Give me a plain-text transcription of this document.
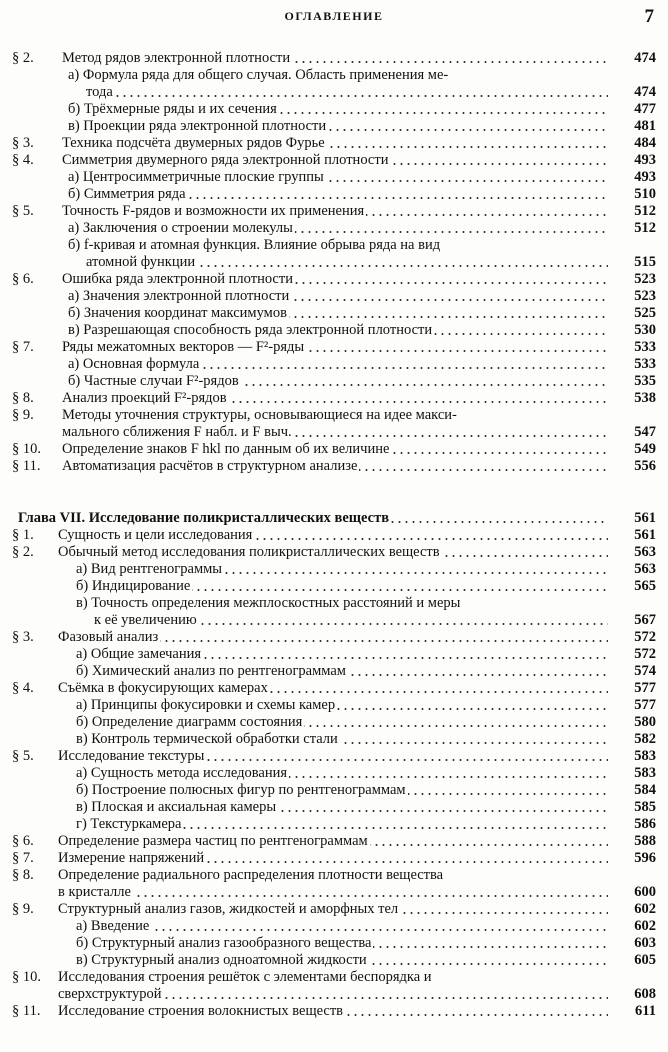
ОГЛАВЛЕНИЕ	7
§ 2. Метод рядов электронной плотности	474
а) Формула ряда для общего случая. Область применения ме-
тода	474
б) Трёхмерные ряды и их сечения	477
в) Проекции ряда электронной плотности	481
§ 3. Техника подсчёта двумерных рядов Фурье	484
§ 4. Симметрия двумерного ряда электронной плотности	493
а) Центросимметричные плоские группы	493
б) Симметрия ряда	510
§ 5. Точность F-рядов и возможности их применения	512
а) Заключения о строении молекулы	512
б) f-кривая и атомная функция. Влияние обрыва ряда на вид
атомной функции	515
§ 6. Ошибка ряда электронной плотности	523
а) Значения электронной плотности	523
б) Значения координат максимумов	525
в) Разрешающая способность ряда электронной плотности	530
§ 7. Ряды межатомных векторов — F²-ряды	533
а) Основная формула	533
б) Частные случаи F²-рядов	535
§ 8. Анализ проекций F²-рядов	538
§ 9. Методы уточнения структуры, основывающиеся на идее макси-
мального сближения F набл. и F выч.	547
§ 10. Определение знаков F hkl по данным об их величине	549
§ 11. Автоматизация расчётов в структурном анализе	556
Глава VII. Исследование поликристаллических веществ	561
§ 1. Сущность и цели исследования	561
§ 2. Обычный метод исследования поликристаллических веществ	563
а) Вид рентгенограммы	563
б) Индицирование	565
в) Точность определения межплоскостных расстояний и меры
к её увеличению	567
§ 3. Фазовый анализ	572
а) Общие замечания	572
б) Химический анализ по рентгенограммам	574
§ 4. Съёмка в фокусирующих камерах	577
а) Принципы фокусировки и схемы камер	577
б) Определение диаграмм состояния	580
в) Контроль термической обработки стали	582
§ 5. Исследование текстуры	583
а) Сущность метода исследования	583
б) Построение полюсных фигур по рентгенограммам	584
в) Плоская и аксиальная камеры	585
г) Текстуркамера	586
§ 6. Определение размера частиц по рентгенограммам	588
§ 7. Измерение напряжений	596
§ 8. Определение радиального распределения плотности вещества
в кристалле	600
§ 9. Структурный анализ газов, жидкостей и аморфных тел	602
а) Введение	602
б) Структурный анализ газообразного вещества	603
в) Структурный анализ одноатомной жидкости	605
§ 10. Исследования строения решёток с элементами беспорядка и
сверхструктурой	608
§ 11. Исследование строения волокнистых веществ	611
